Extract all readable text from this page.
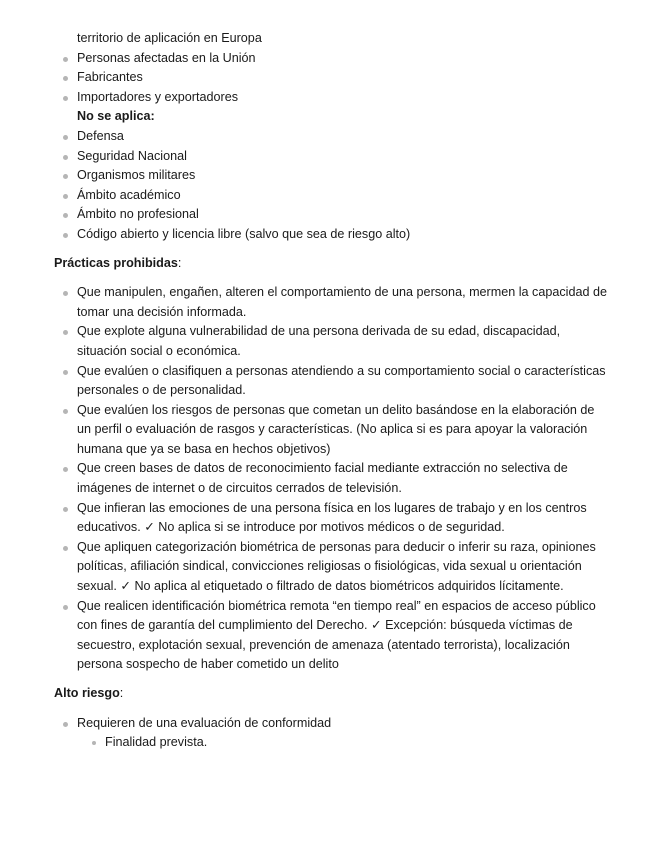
territorio de aplicación en Europa
Personas afectadas en la Unión
Fabricantes
Importadores y exportadores
No se aplica:
Defensa
Seguridad Nacional
Organismos militares
Ámbito académico
Ámbito no profesional
Código abierto y licencia libre (salvo que sea de riesgo alto)

Prácticas prohibidas:

Que manipulen, engañen, alteren el comportamiento de una persona, mermen la capacidad de tomar una decisión informada.
Que explote alguna vulnerabilidad de una persona derivada de su edad, discapacidad, situación social o económica.
Que evalúen o clasifiquen a personas atendiendo a su comportamiento social o características personales o de personalidad.
Que evalúen los riesgos de personas que cometan un delito basándose en la elaboración de un perfil o evaluación de rasgos y características. (No aplica si es para apoyar la valoración humana que ya se basa en hechos objetivos)
Que creen bases de datos de reconocimiento facial mediante extracción no selectiva de imágenes de internet o de circuitos cerrados de televisión.
Que infieran las emociones de una persona física en los lugares de trabajo y en los centros educativos. ✓ No aplica si se introduce por motivos médicos o de seguridad.
Que apliquen categorización biométrica de personas para deducir o inferir su raza, opiniones políticas, afiliación sindical, convicciones religiosas o fisiológicas, vida sexual u orientación sexual. ✓ No aplica al etiquetado o filtrado de datos biométricos adquiridos lícitamente.
Que realicen identificación biométrica remota “en tiempo real” en espacios de acceso público con fines de garantía del cumplimiento del Derecho. ✓ Excepción: búsqueda víctimas de secuestro, explotación sexual, prevención de amenaza (atentado terrorista), localización persona sospecho de haber cometido un delito

Alto riesgo:

Requieren de una evaluación de conformidad
Finalidad prevista.
